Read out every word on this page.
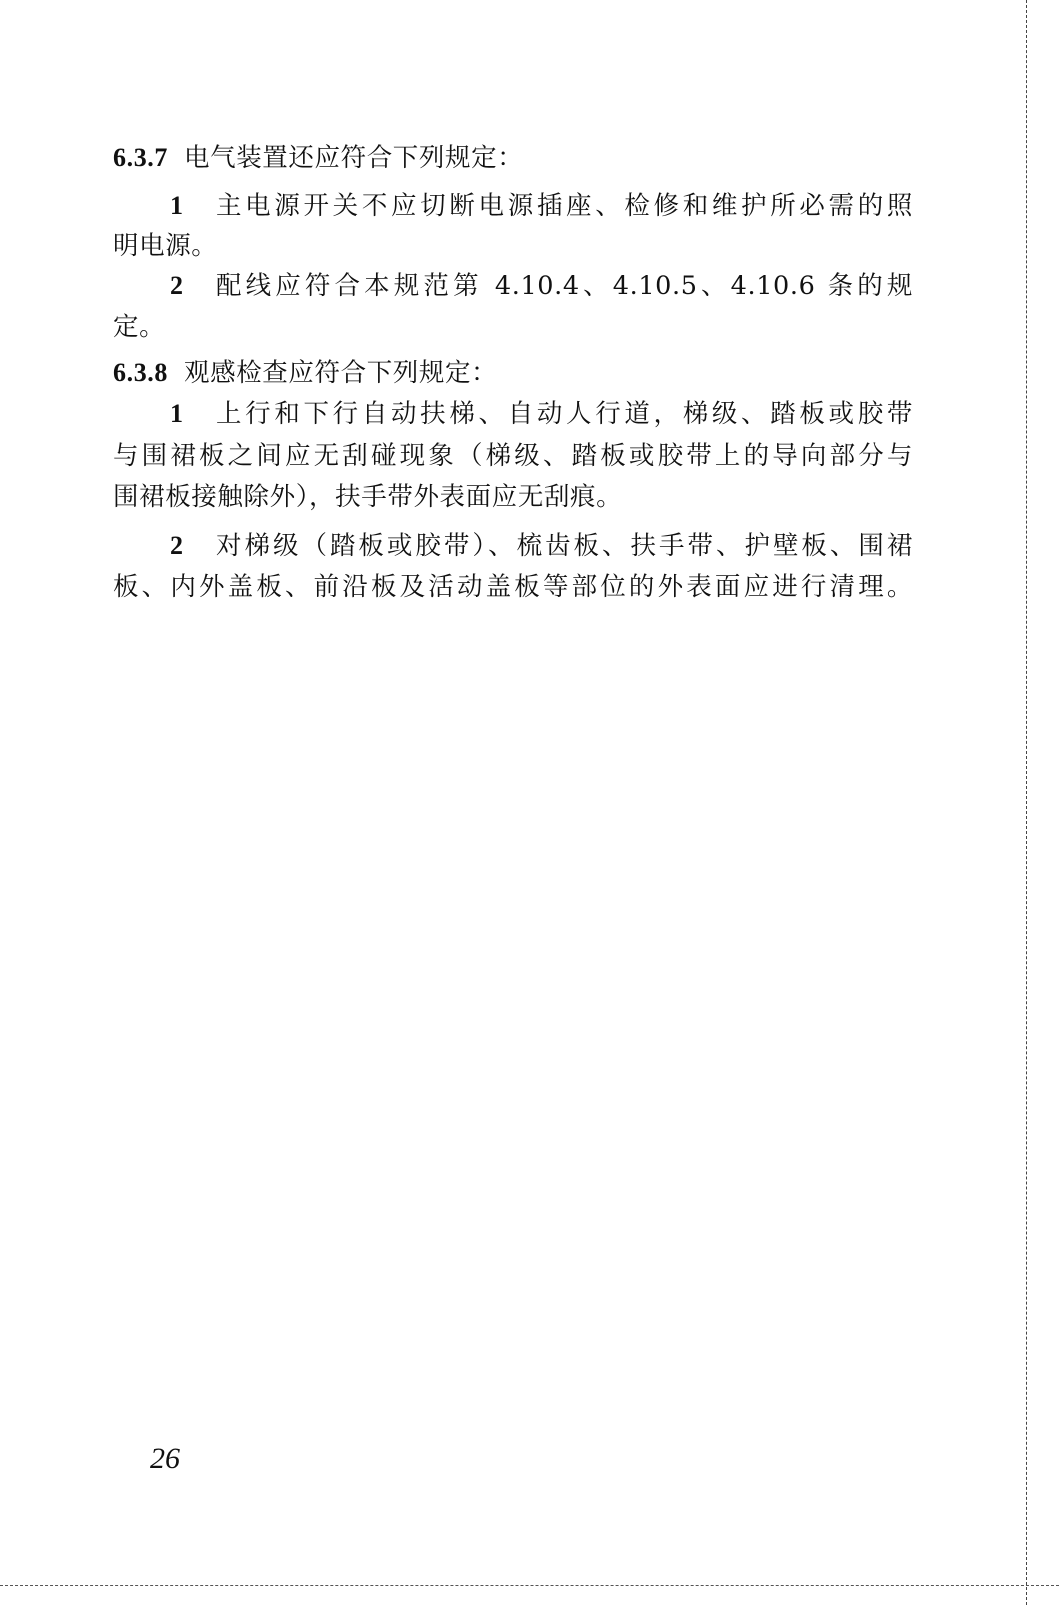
6.3.7 电气装置还应符合下列规定：
1 主电源开关不应切断电源插座、检修和维护所必需的照
明电源。
2 配线应符合本规范第 4.10.4、4.10.5、4.10.6 条的规
定。
6.3.8 观感检查应符合下列规定：
1 上行和下行自动扶梯、自动人行道，梯级、踏板或胶带
与围裙板之间应无刮碰现象（梯级、踏板或胶带上的导向部分与
围裙板接触除外），扶手带外表面应无刮痕。
2 对梯级（踏板或胶带）、梳齿板、扶手带、护壁板、围裙
板、内外盖板、前沿板及活动盖板等部位的外表面应进行清理。
26
